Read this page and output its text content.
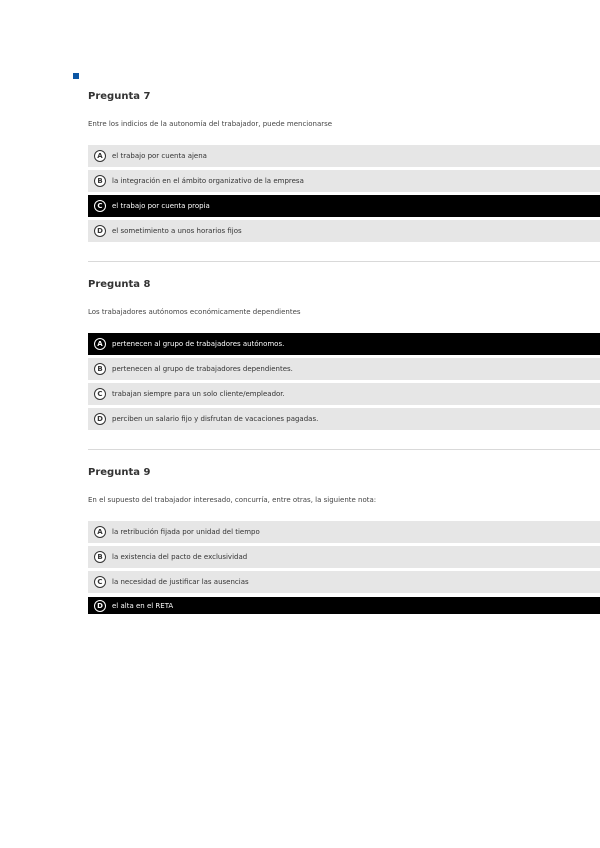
Pregunta 7

Entre los indicios de la autonomía del trabajador, puede mencionarse

A	el trabajo por cuenta ajena
B	la integración en el ámbito organizativo de la empresa
C	el trabajo por cuenta propia
D	el sometimiento a unos horarios fijos
Pregunta 8

Los trabajadores autónomos económicamente dependientes

A	pertenecen al grupo de trabajadores autónomos.
B	pertenecen al grupo de trabajadores dependientes.
C	trabajan siempre para un solo cliente/empleador.
D	perciben un salario fijo y disfrutan de vacaciones pagadas.
Pregunta 9

En el supuesto del trabajador interesado, concurría, entre otras, la siguiente nota:

A	la retribución fijada por unidad del tiempo
B	la existencia del pacto de exclusividad
C	la necesidad de justificar las ausencias
D	el alta en el RETA
